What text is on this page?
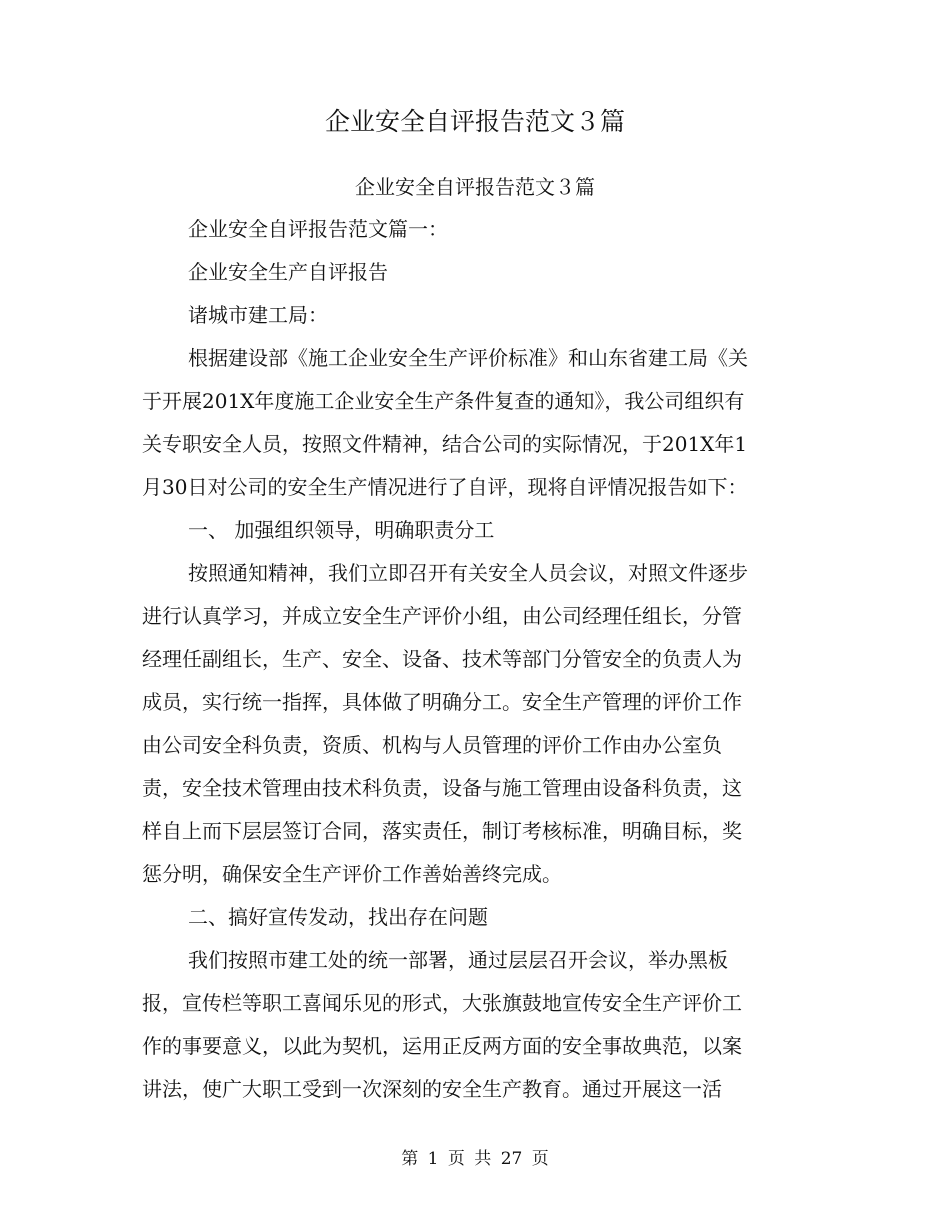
企业安全自评报告范文３篇
企业安全自评报告范文３篇
企业安全自评报告范文篇一：
企业安全生产自评报告
诸城市建工局：
根据建设部《施工企业安全生产评价标准》和山东省建工局《关
于开展201X年度施工企业安全生产条件复查的通知》，我公司组织有
关专职安全人员，按照文件精神，结合公司的实际情况，于201X年1
月30日对公司的安全生产情况进行了自评，现将自评情况报告如下：
一、 加强组织领导，明确职责分工
按照通知精神，我们立即召开有关安全人员会议，对照文件逐步
进行认真学习，并成立安全生产评价小组，由公司经理任组长，分管
经理任副组长，生产、安全、设备、技术等部门分管安全的负责人为
成员，实行统一指挥，具体做了明确分工。安全生产管理的评价工作
由公司安全科负责，资质、机构与人员管理的评价工作由办公室负
责，安全技术管理由技术科负责，设备与施工管理由设备科负责，这
样自上而下层层签订合同，落实责任，制订考核标准，明确目标，奖
惩分明，确保安全生产评价工作善始善终完成。
二、搞好宣传发动，找出存在问题
我们按照市建工处的统一部署，通过层层召开会议，举办黑板
报，宣传栏等职工喜闻乐见的形式，大张旗鼓地宣传安全生产评价工
作的事要意义，以此为契机，运用正反两方面的安全事故典范，以案
讲法，使广大职工受到一次深刻的安全生产教育。通过开展这一活
第 1 页 共 27 页
